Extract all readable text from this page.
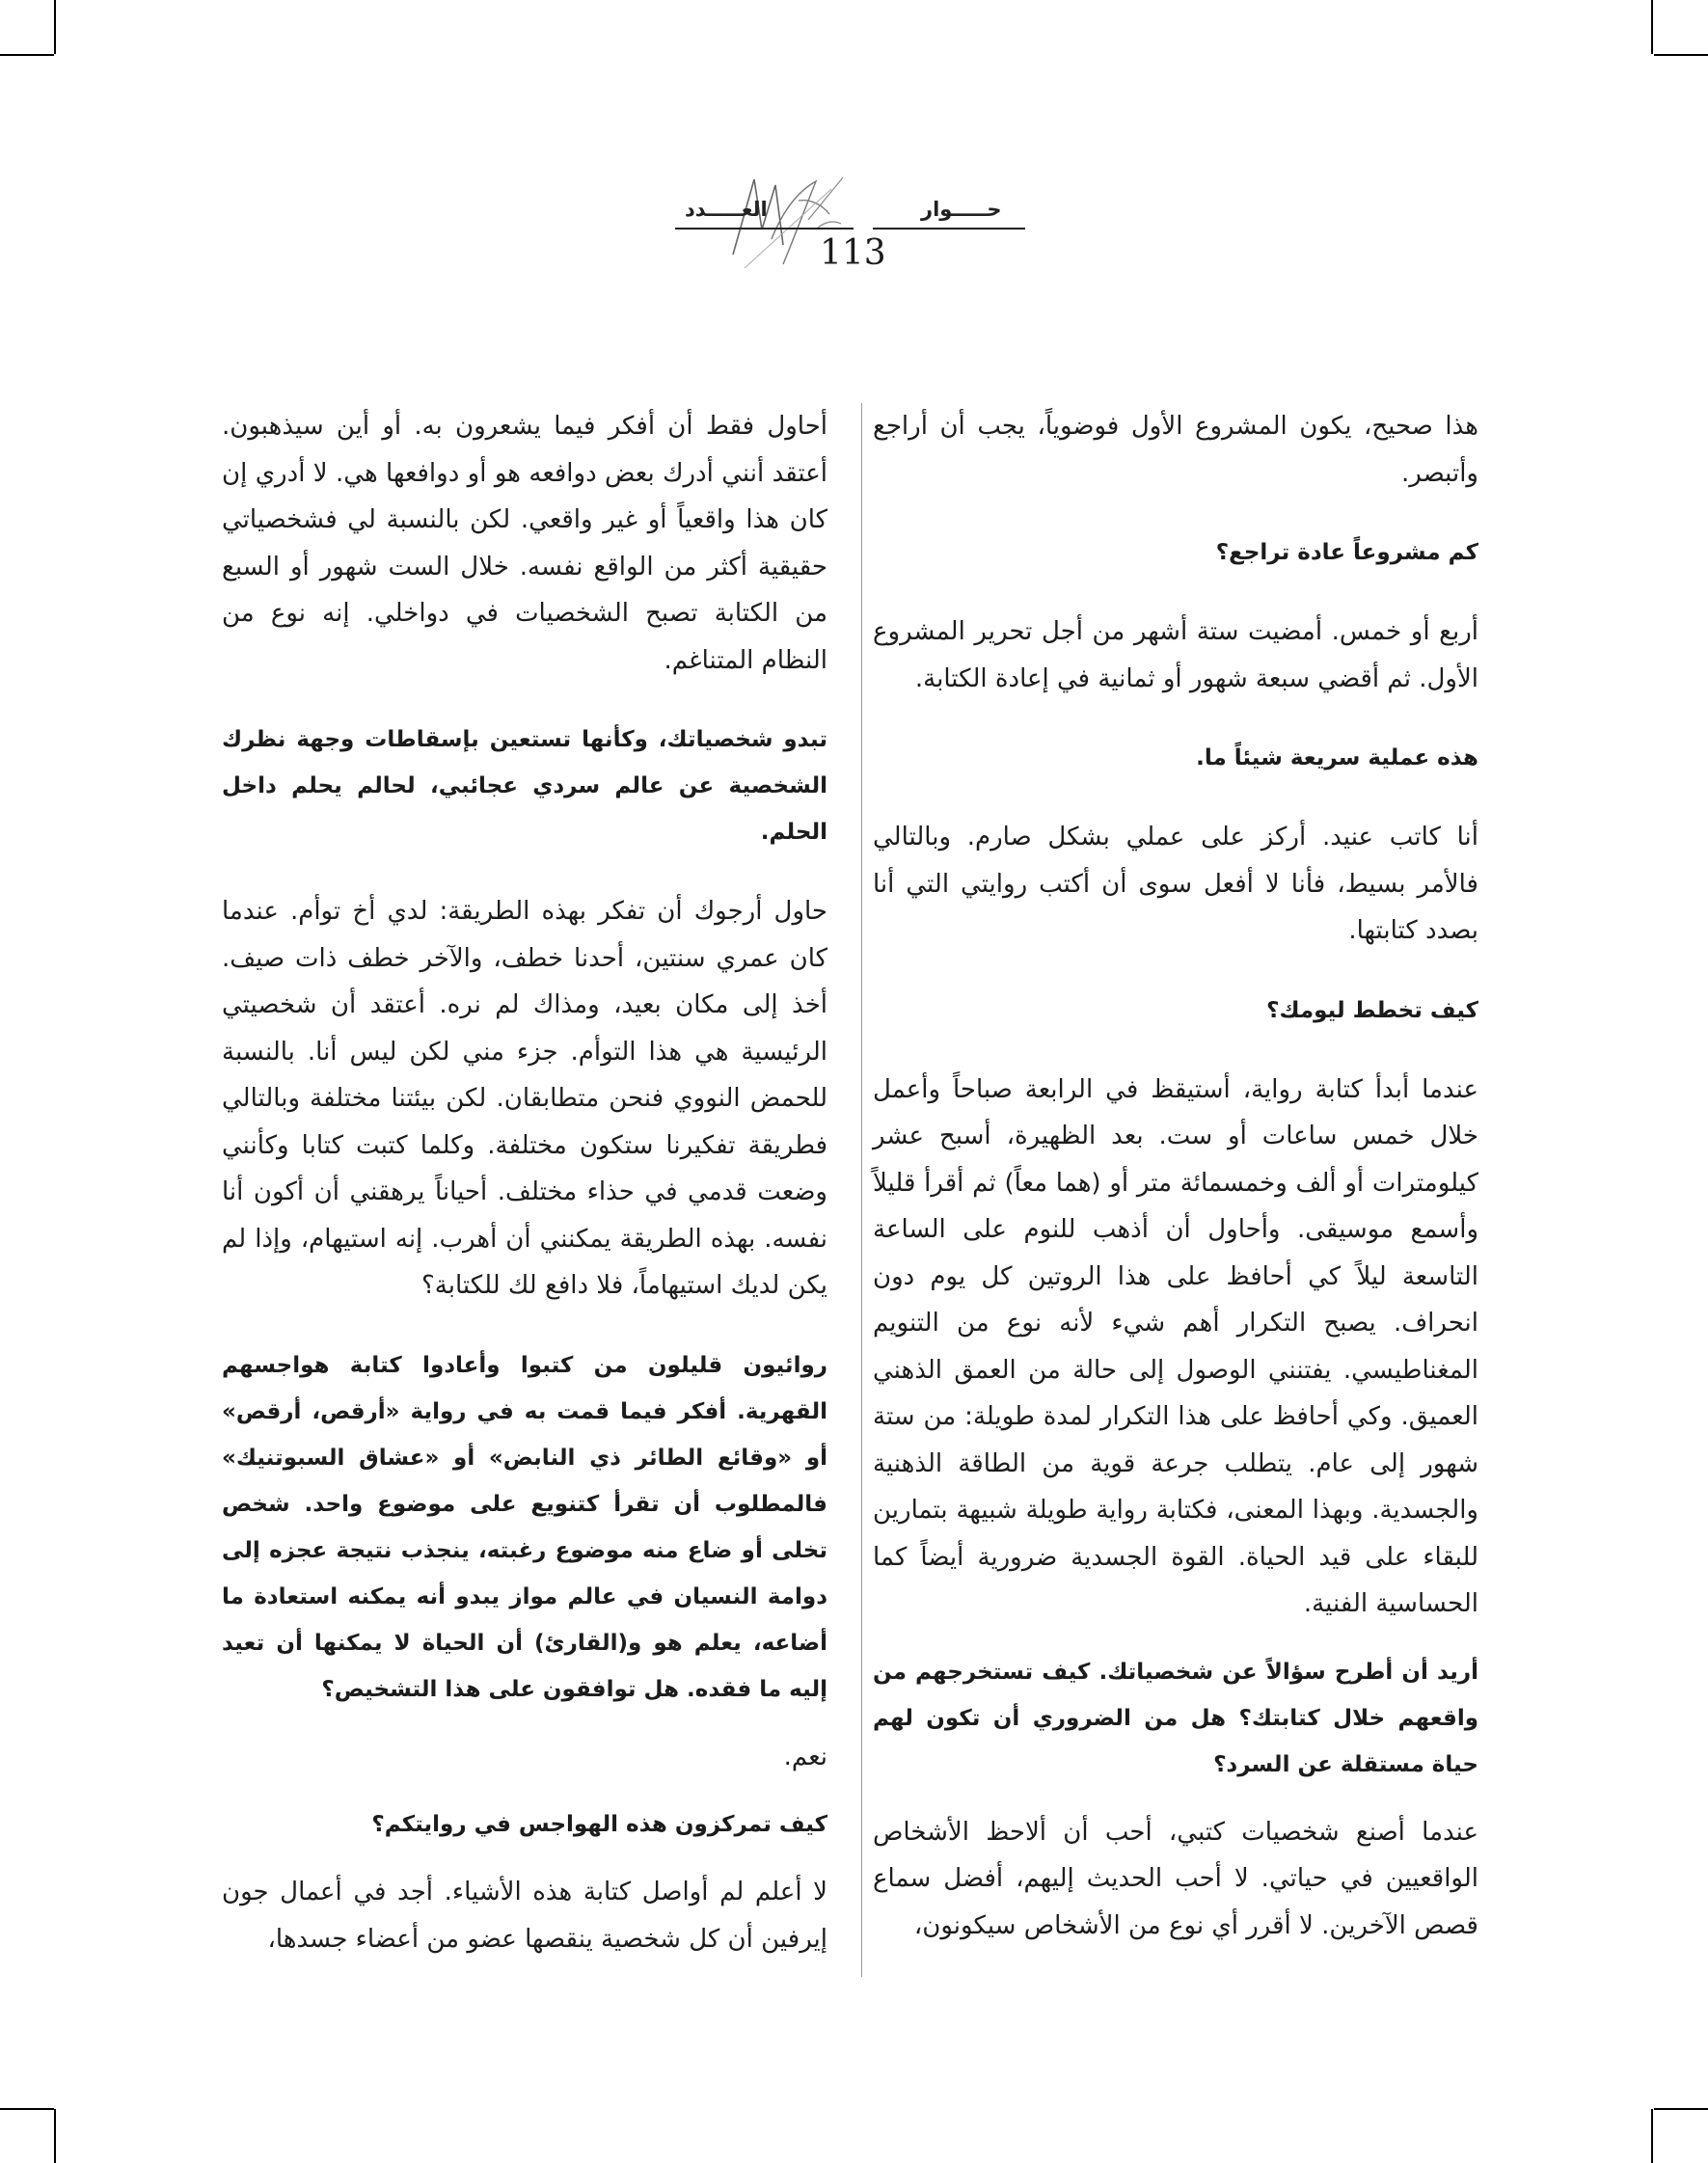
حـــــوار
العـــــدد
113

هذا صحيح، يكون المشروع الأول فوضوياً، يجب أن أراجع وأتبصر.

كم مشروعاً عادة تراجع؟

أربع أو خمس. أمضيت ستة أشهر من أجل تحرير المشروع الأول. ثم أقضي سبعة شهور أو ثمانية في إعادة الكتابة.

هذه عملية سريعة شيئاً ما.

أنا كاتب عنيد. أركز على عملي بشكل صارم. وبالتالي فالأمر بسيط، فأنا لا أفعل سوى أن أكتب روايتي التي أنا بصدد كتابتها.

كيف تخطط ليومك؟

عندما أبدأ كتابة رواية، أستيقظ في الرابعة صباحاً وأعمل خلال خمس ساعات أو ست. بعد الظهيرة، أسبح عشر كيلومترات أو ألف وخمسمائة متر أو (هما معاً) ثم أقرأ قليلاً وأسمع موسيقى. وأحاول أن أذهب للنوم على الساعة التاسعة ليلاً كي أحافظ على هذا الروتين كل يوم دون انحراف. يصبح التكرار أهم شيء لأنه نوع من التنويم المغناطيسي. يفتنني الوصول إلى حالة من العمق الذهني العميق. وكي أحافظ على هذا التكرار لمدة طويلة: من ستة شهور إلى عام. يتطلب جرعة قوية من الطاقة الذهنية والجسدية. وبهذا المعنى، فكتابة رواية طويلة شبيهة بتمارين للبقاء على قيد الحياة. القوة الجسدية ضرورية أيضاً كما الحساسية الفنية.

أريد أن أطرح سؤالاً عن شخصياتك. كيف تستخرجهم من واقعهم خلال كتابتك؟ هل من الضروري أن تكون لهم حياة مستقلة عن السرد؟

عندما أصنع شخصيات كتبي، أحب أن ألاحظ الأشخاص الواقعيين في حياتي. لا أحب الحديث إليهم، أفضل سماع قصص الآخرين. لا أقرر أي نوع من الأشخاص سيكونون،

أحاول فقط أن أفكر فيما يشعرون به. أو أين سيذهبون. أعتقد أنني أدرك بعض دوافعه هو أو دوافعها هي. لا أدري إن كان هذا واقعياً أو غير واقعي. لكن بالنسبة لي فشخصياتي حقيقية أكثر من الواقع نفسه. خلال الست شهور أو السبع من الكتابة تصبح الشخصيات في دواخلي. إنه نوع من النظام المتناغم.

تبدو شخصياتك، وكأنها تستعين بإسقاطات وجهة نظرك الشخصية عن عالم سردي عجائبي، لحالم يحلم داخل الحلم.

حاول أرجوك أن تفكر بهذه الطريقة: لدي أخ توأم. عندما كان عمري سنتين، أحدنا خطف، والآخر خطف ذات صيف. أخذ إلى مكان بعيد، ومذاك لم نره. أعتقد أن شخصيتي الرئيسية هي هذا التوأم. جزء مني لكن ليس أنا. بالنسبة للحمض النووي فنحن متطابقان. لكن بيئتنا مختلفة وبالتالي فطريقة تفكيرنا ستكون مختلفة. وكلما كتبت كتابا وكأنني وضعت قدمي في حذاء مختلف. أحياناً يرهقني أن أكون أنا نفسه. بهذه الطريقة يمكنني أن أهرب. إنه استيهام، وإذا لم يكن لديك استيهاماً، فلا دافع لك للكتابة؟

روائيون قليلون من كتبوا وأعادوا كتابة هواجسهم القهرية. أفكر فيما قمت به في رواية «أرقص، أرقص» أو «وقائع الطائر ذي النابض» أو «عشاق السبوتنيك» فالمطلوب أن تقرأ كتنويع على موضوع واحد. شخص تخلى أو ضاع منه موضوع رغبته، ينجذب نتيجة عجزه إلى دوامة النسيان في عالم مواز يبدو أنه يمكنه استعادة ما أضاعه، يعلم هو و(القارئ) أن الحياة لا يمكنها أن تعيد إليه ما فقده. هل توافقون على هذا التشخيص؟

نعم.

كيف تمركزون هذه الهواجس في روايتكم؟

لا أعلم لم أواصل كتابة هذه الأشياء. أجد في أعمال جون إيرفين أن كل شخصية ينقصها عضو من أعضاء جسدها،
